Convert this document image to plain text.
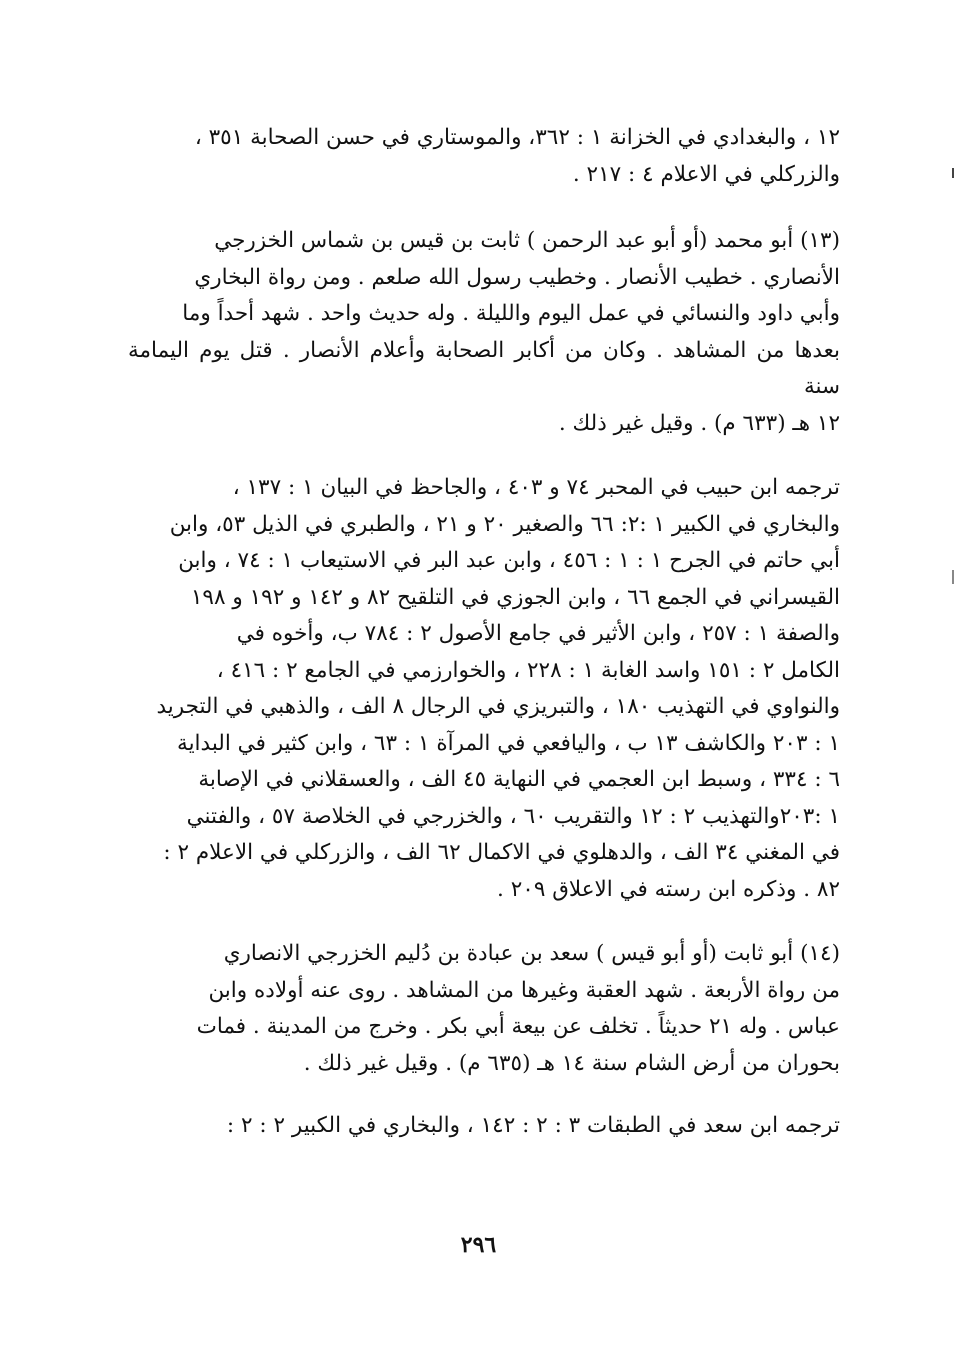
١٢ ، والبغدادي في الخزانة ١ : ٣٦٢، والموستاري في حسن الصحابة ٣٥١ ،
والزركلي في الاعلام ٤ : ٢١٧ .

(١٣) أبو محمد (أو أبو عبد الرحمن ) ثابت بن قيس بن شماس الخزرجي
الأنصاري . خطيب الأنصار . وخطيب رسول الله صلعم . ومن رواة البخاري
وأبي داود والنسائي في عمل اليوم والليلة . وله حديث واحد . شهد أحداً وما
بعدها من المشاهد . وكان من أكابر الصحابة وأعلام الأنصار . قتل يوم اليمامة سنة
١٢ هـ (٦٣٣ م) . وقيل غير ذلك .

ترجمه ابن حبيب في المحبر ٧٤ و ٤٠٣ ، والجاحظ في البيان ١ : ١٣٧ ،
والبخاري في الكبير ١ :٢: ٦٦ والصغير ٢٠ و ٢١ ، والطبري في الذيل ٥٣، وابن
أبي حاتم في الجرح ١ : ١ : ٤٥٦ ، وابن عبد البر في الاستيعاب ١ : ٧٤ ، وابن
القيسراني في الجمع ٦٦ ، وابن الجوزي في التلقيح ٨٢ و ١٤٢ و ١٩٢ و ١٩٨
والصفة ١ : ٢٥٧ ، وابن الأثير في جامع الأصول ٢ : ٧٨٤ ب، وأخوه في
الكامل ٢ : ١٥١ واسد الغابة ١ : ٢٢٨ ، والخوارزمي في الجامع ٢ : ٤١٦ ،
والنواوي في التهذيب ١٨٠ ، والتبريزي في الرجال ٨ الف ، والذهبي في التجريد
١ : ٢٠٣ والكاشف ١٣ ب ، واليافعي في المرآة ١ : ٦٣ ، وابن كثير في البداية
٦ : ٣٣٤ ، وسبط ابن العجمي في النهاية ٤٥ الف ، والعسقلاني في الإصابة
١ :٢٠٣والتهذيب ٢ : ١٢ والتقريب ٦٠ ، والخزرجي في الخلاصة ٥٧ ، والفتني
في المغني ٣٤ الف ، والدهلوي في الاكمال ٦٢ الف ، والزركلي في الاعلام ٢ :
٨٢ . وذكره ابن رسته في الاعلاق ٢٠٩ .

(١٤) أبو ثابت (أو أبو قيس ) سعد بن عبادة بن دُليم الخزرجي الانصاري
من رواة الأربعة . شهد العقبة وغيرها من المشاهد . روى عنه أولاده وابن
عباس . وله ٢١ حديثاً . تخلف عن بيعة أبي بكر . وخرج من المدينة . فمات
بحوران من أرض الشام سنة ١٤ هـ (٦٣٥ م) . وقيل غير ذلك .

ترجمه ابن سعد في الطبقات ٣ : ٢ : ١٤٢ ، والبخاري في الكبير ٢ : ٢ :

٢٩٦
